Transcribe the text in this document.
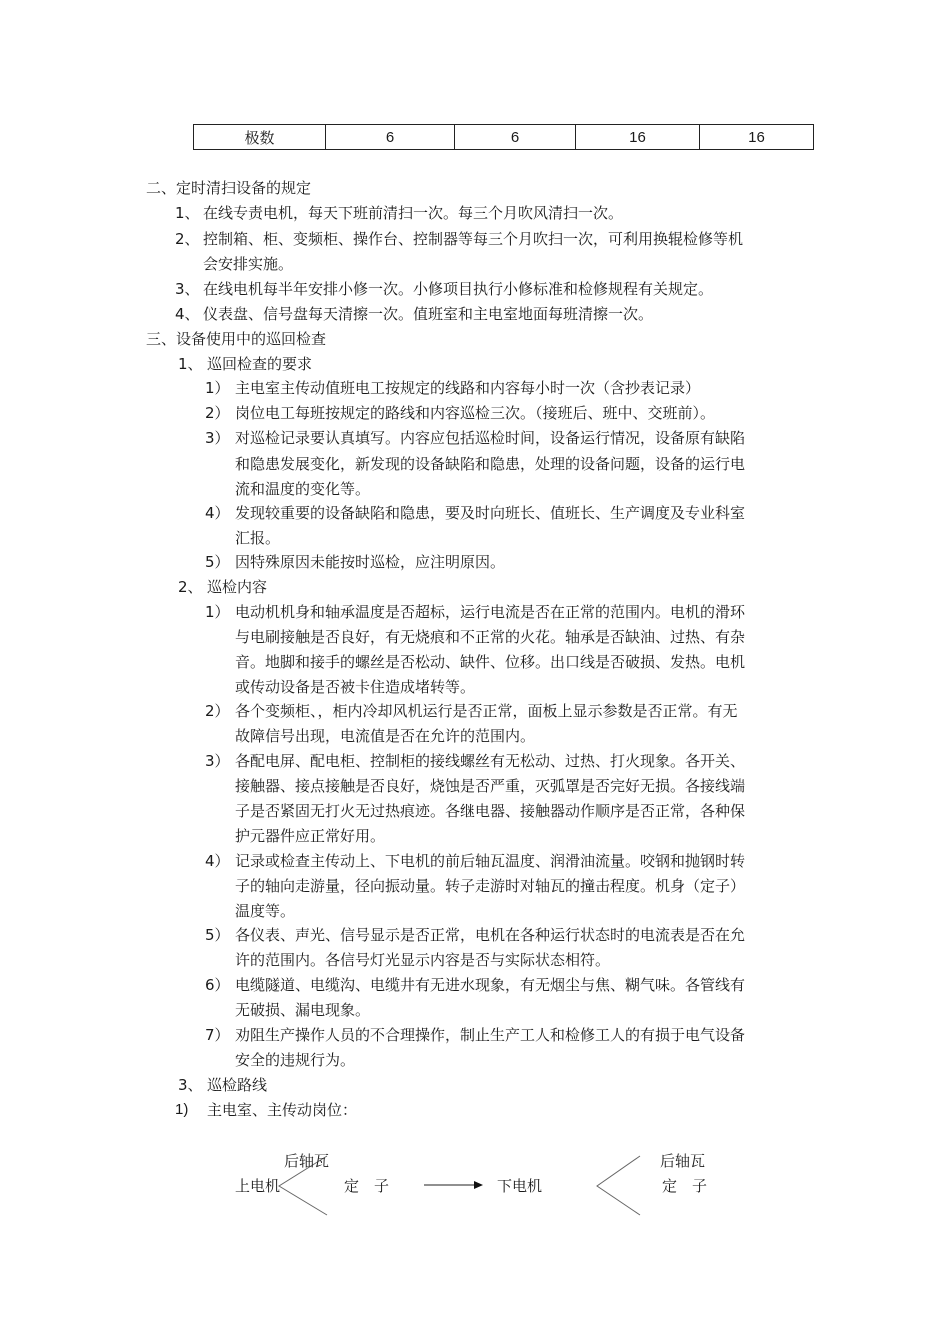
极数	6	6	16	16
二、定时清扫设备的规定
1、 在线专责电机，每天下班前清扫一次。每三个月吹风清扫一次。
2、 控制箱、柜、变频柜、操作台、控制器等每三个月吹扫一次，可利用换辊检修等机
会安排实施。
3、 在线电机每半年安排小修一次。小修项目执行小修标准和检修规程有关规定。
4、 仪表盘、信号盘每天清擦一次。值班室和主电室地面每班清擦一次。
三、设备使用中的巡回检查
1、 巡回检查的要求
1） 主电室主传动值班电工按规定的线路和内容每小时一次（含抄表记录）
2） 岗位电工每班按规定的路线和内容巡检三次。（接班后、班中、交班前）。
3） 对巡检记录要认真填写。内容应包括巡检时间，设备运行情况，设备原有缺陷
和隐患发展变化，新发现的设备缺陷和隐患，处理的设备问题，设备的运行电
流和温度的变化等。
4） 发现较重要的设备缺陷和隐患，要及时向班长、值班长、生产调度及专业科室
汇报。
5） 因特殊原因未能按时巡检，应注明原因。
2、 巡检内容
1） 电动机机身和轴承温度是否超标，运行电流是否在正常的范围内。电机的滑环
与电刷接触是否良好，有无烧痕和不正常的火花。轴承是否缺油、过热、有杂
音。地脚和接手的螺丝是否松动、缺件、位移。出口线是否破损、发热。电机
或传动设备是否被卡住造成堵转等。
2） 各个变频柜、，柜内冷却风机运行是否正常，面板上显示参数是否正常。有无
故障信号出现，电流值是否在允许的范围内。
3） 各配电屏、配电柜、控制柜的接线螺丝有无松动、过热、打火现象。各开关、
接触器、接点接触是否良好，烧蚀是否严重，灭弧罩是否完好无损。各接线端
子是否紧固无打火无过热痕迹。各继电器、接触器动作顺序是否正常，各种保
护元器件应正常好用。
4） 记录或检查主传动上、下电机的前后轴瓦温度、润滑油流量。咬钢和抛钢时转
子的轴向走游量，径向振动量。转子走游时对轴瓦的撞击程度。机身（定子）
温度等。
5） 各仪表、声光、信号显示是否正常，电机在各种运行状态时的电流表是否在允
许的范围内。各信号灯光显示内容是否与实际状态相符。
6） 电缆隧道、电缆沟、电缆井有无进水现象，有无烟尘与焦、糊气味。各管线有
无破损、漏电现象。
7） 劝阻生产操作人员的不合理操作，制止生产工人和检修工人的有损于电气设备
安全的违规行为。
3、 巡检路线
1) 主电室、主传动岗位：
后轴瓦
上电机	定　子	下电机
后轴瓦
定　子
